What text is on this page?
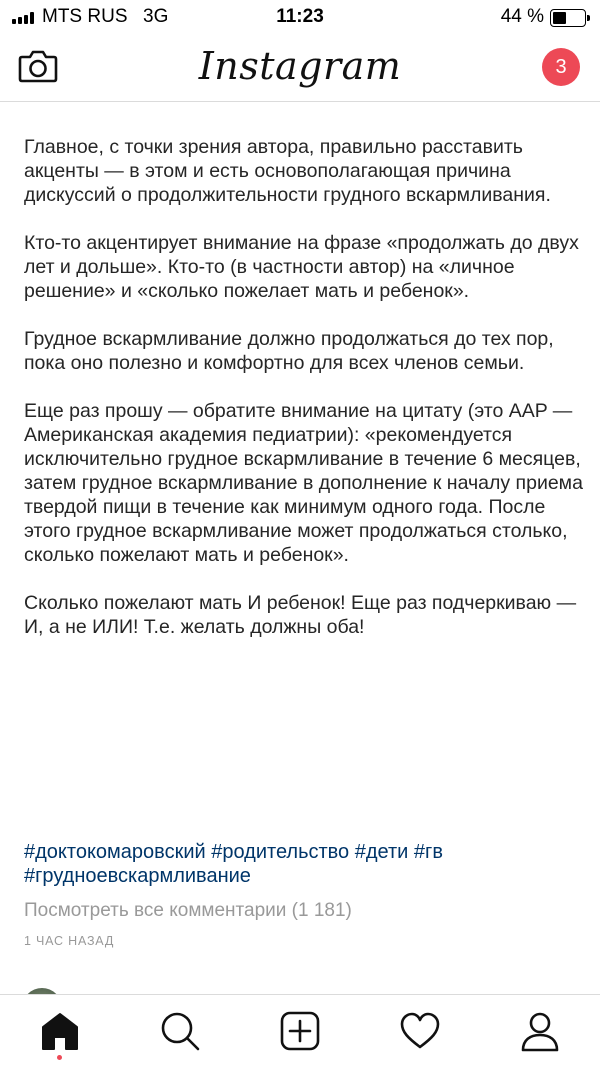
MTS RUS 3G	11:23	44 %
Instagram	3

Главное, с точки зрения автора, правильно расставить акценты — в этом и есть основополагающая причина дискуссий о продолжительности грудного вскармливания.

Кто-то акцентирует внимание на фразе «продолжать до двух лет и дольше». Кто-то (в частности автор) на «личное решение» и «сколько пожелает мать и ребенок».

Грудное вскармливание должно продолжаться до тех пор, пока оно полезно и комфортно для всех членов семьи.

Еще раз прошу — обратите внимание на цитату (это AAP — Американская академия педиатрии): «рекомендуется исключительно грудное вскармливание в течение 6 месяцев, затем грудное вскармливание в дополнение к началу приема твердой пищи в течение как минимум одного года. После этого грудное вскармливание может продолжаться столько, сколько пожелают мать и ребенок».

Сколько пожелают мать И ребенок! Еще раз подчеркиваю — И, а не ИЛИ! Т.е. желать должны оба!

#доктокомаровский #родительство #дети #гв
#грудноевскармливание
Посмотреть все комментарии (1 181)
1 ЧАС НАЗАД
